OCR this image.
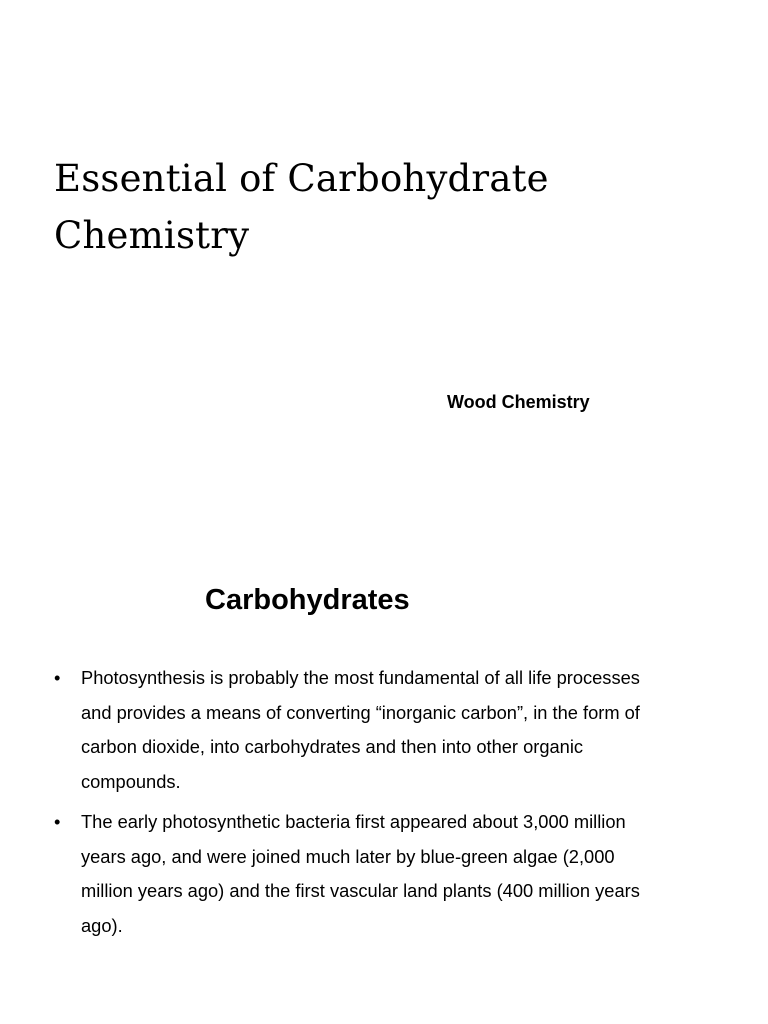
Essential of Carbohydrate
Chemistry

Wood Chemistry

Carbohydrates
•	Photosynthesis is probably the most fundamental of all life processes and provides a means of converting “inorganic carbon”, in the form of carbon dioxide, into carbohydrates and then into other organic compounds.
•	The early photosynthetic bacteria first appeared about 3,000 million years ago, and were joined much later by blue-green algae (2,000 million years ago) and the first vascular land plants (400 million years ago).
